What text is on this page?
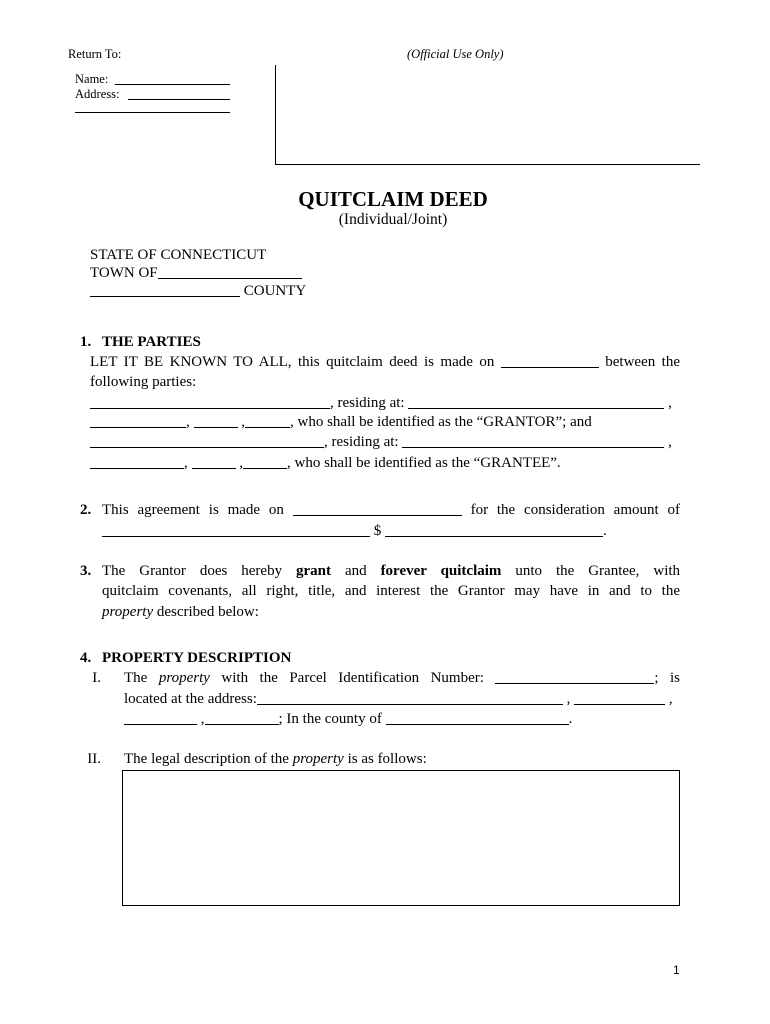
Return To:	(Official Use Only)
Name:
Address:
QUITCLAIM DEED
(Individual/Joint)
STATE OF CONNECTICUT
TOWN OF
COUNTY
1. THE PARTIES
LET IT BE KNOWN TO ALL, this quitclaim deed is made on	between the
following parties:
, residing at:	,
,	,	, who shall be identified as the “GRANTOR”; and
, residing at:	,
,	,	, who shall be identified as the “GRANTEE”.
2. This agreement is made on	for the consideration amount of
$	.
3. The Grantor does hereby grant and forever quitclaim unto the Grantee, with
quitclaim covenants, all right, title, and interest the Grantor may have in and to the
property described below:
4. PROPERTY DESCRIPTION
I. The property with the Parcel Identification Number:	; is
located at the address:	,	,
,	; In the county of	.
II. The legal description of the property is as follows:
1
